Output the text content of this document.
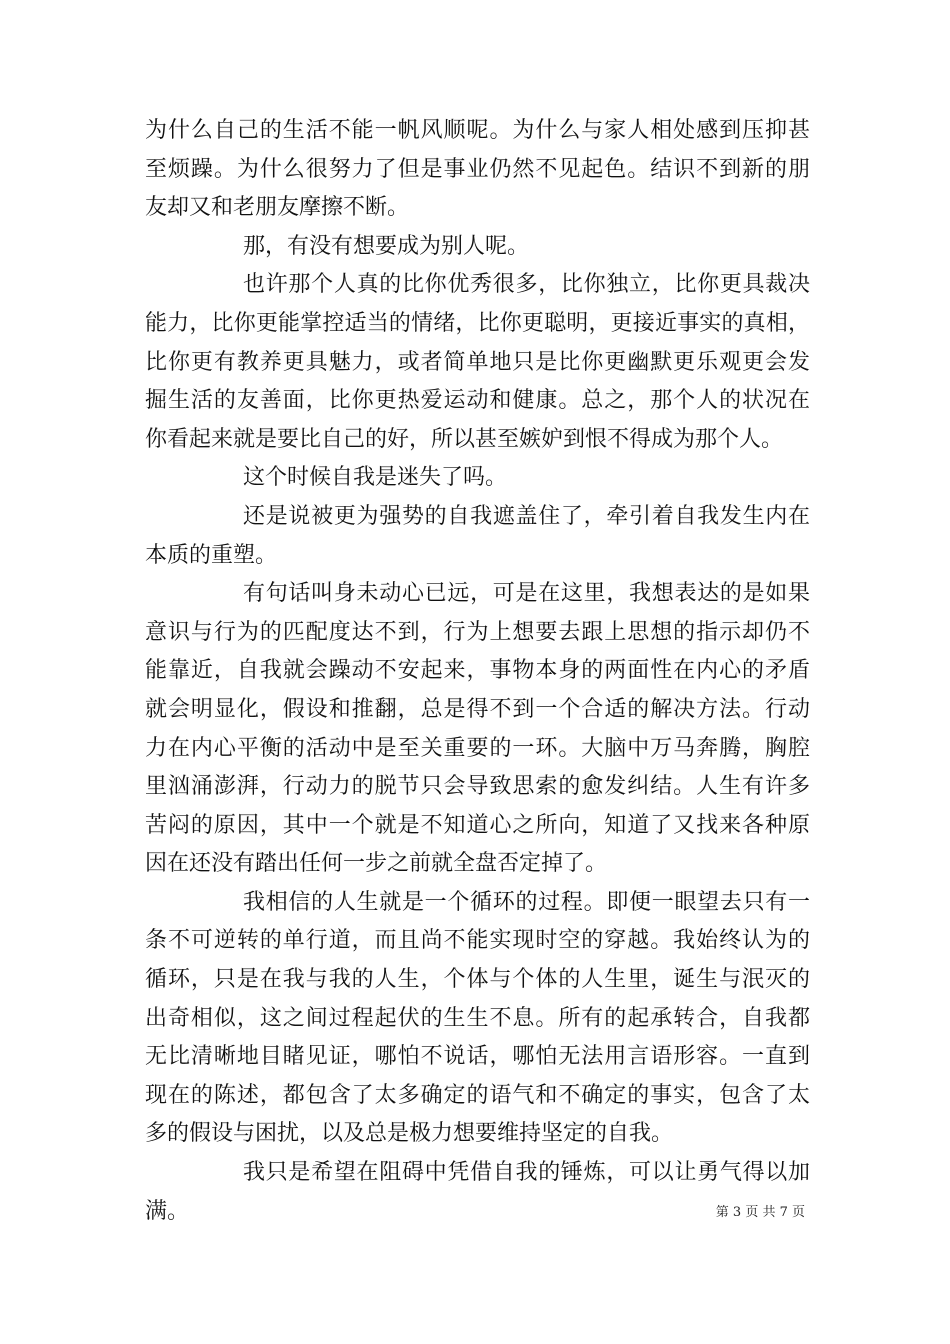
为什么自己的生活不能一帆风顺呢。为什么与家人相处感到压抑甚
至烦躁。为什么很努力了但是事业仍然不见起色。结识不到新的朋
友却又和老朋友摩擦不断。
那，有没有想要成为别人呢。
也许那个人真的比你优秀很多，比你独立，比你更具裁决
能力，比你更能掌控适当的情绪，比你更聪明，更接近事实的真相，
比你更有教养更具魅力，或者简单地只是比你更幽默更乐观更会发
掘生活的友善面，比你更热爱运动和健康。总之，那个人的状况在
你看起来就是要比自己的好，所以甚至嫉妒到恨不得成为那个人。
这个时候自我是迷失了吗。
还是说被更为强势的自我遮盖住了，牵引着自我发生内在
本质的重塑。
有句话叫身未动心已远，可是在这里，我想表达的是如果
意识与行为的匹配度达不到，行为上想要去跟上思想的指示却仍不
能靠近，自我就会躁动不安起来，事物本身的两面性在内心的矛盾
就会明显化，假设和推翻，总是得不到一个合适的解决方法。行动
力在内心平衡的活动中是至关重要的一环。大脑中万马奔腾，胸腔
里汹涌澎湃，行动力的脱节只会导致思索的愈发纠结。人生有许多
苦闷的原因，其中一个就是不知道心之所向，知道了又找来各种原
因在还没有踏出任何一步之前就全盘否定掉了。
我相信的人生就是一个循环的过程。即便一眼望去只有一
条不可逆转的单行道，而且尚不能实现时空的穿越。我始终认为的
循环，只是在我与我的人生，个体与个体的人生里，诞生与泯灭的
出奇相似，这之间过程起伏的生生不息。所有的起承转合，自我都
无比清晰地目睹见证，哪怕不说话，哪怕无法用言语形容。一直到
现在的陈述，都包含了太多确定的语气和不确定的事实，包含了太
多的假设与困扰，以及总是极力想要维持坚定的自我。
我只是希望在阻碍中凭借自我的锤炼，可以让勇气得以加
满。	第 3 页 共 7 页
